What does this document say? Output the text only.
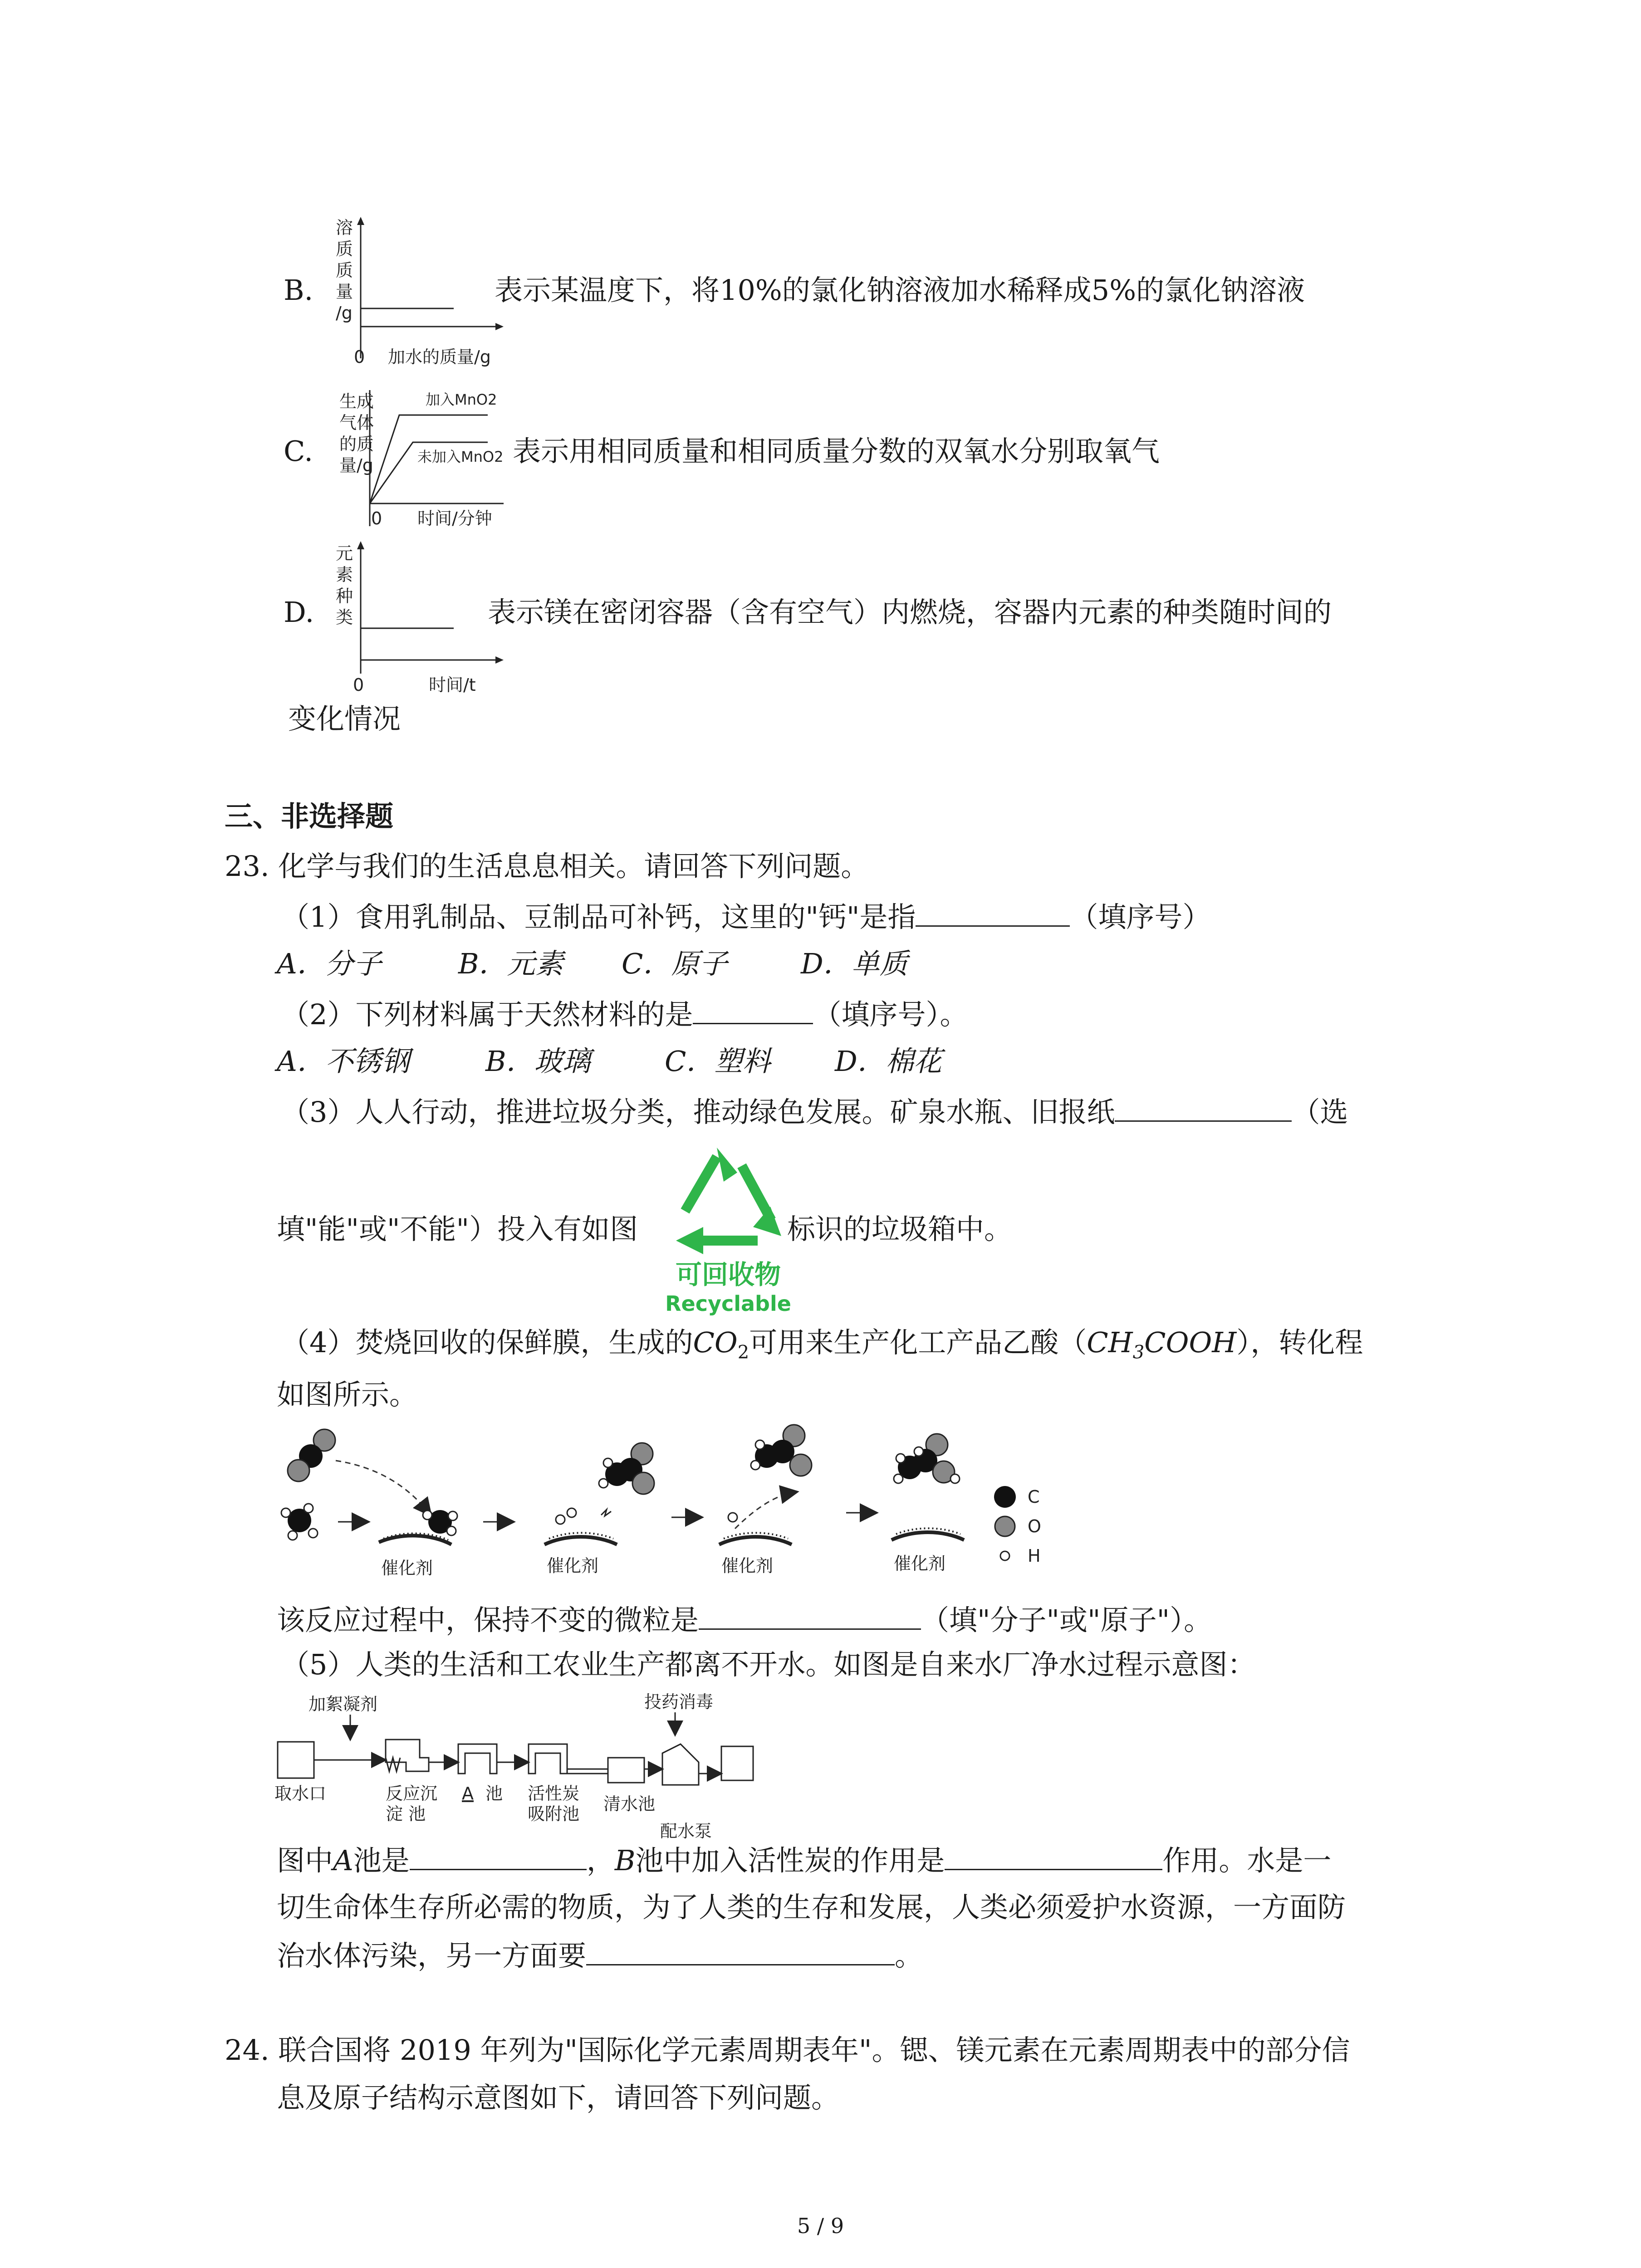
B.
溶
质
质
量
/g
0 加水的质量/g
表示某温度下，将10%的氯化钠溶液加水稀释成5%的氯化钠溶液
C.
生成
气体
的质
量/g
加入MnO2
未加入MnO2
0 时间/分钟
表示用相同质量和相同质量分数的双氧水分别取氧气
D.
元
素
种
类
0	时间/t
表示镁在密闭容器（含有空气）内燃烧，容器内元素的种类随时间的
变化情况
三、非选择题
23. 化学与我们的生活息息相关。请回答下列问题。
（1）食用乳制品、豆制品可补钙，这里的"钙"是指	（填序号）
A．分子	B．元素 C．原子	D．单质
（2）下列材料属于天然材料的是	（填序号）。
A．不锈钢	B．玻璃	C．塑料 D．棉花
（3）人人行动，推进垃圾分类，推动绿色发展。矿泉水瓶、旧报纸	（选
填"能"或"不能"）投入有如图
可回收物
Recyclable
标识的垃圾箱中。
（4）焚烧回收的保鲜膜，生成的$CO_2$可用来生产化工产品乙酸$(CH_3COOH)$，转化程
如图所示。
催化剂	催化剂	催化剂	催化剂
C
O
H
该反应过程中，保持不变的微粒是	（填"分子"或"原子"）。
（5）人类的生活和工农业生产都离不开水。如图是自来水厂净水过程示意图：
加絮凝剂	投药消毒
取水口	反应沉
淀 池
A 池 活性炭
吸附池 清水池
配水泵
图中A池是	，B池中加入活性炭的作用是	作用。水是一
切生命体生存所必需的物质，为了人类的生存和发展，人类必须爱护水资源，一方面防
治水体污染，另一方面要	。
24. 联合国将 2019 年列为"国际化学元素周期表年"。锶、镁元素在元素周期表中的部分信
息及原子结构示意图如下，请回答下列问题。
5 / 9
